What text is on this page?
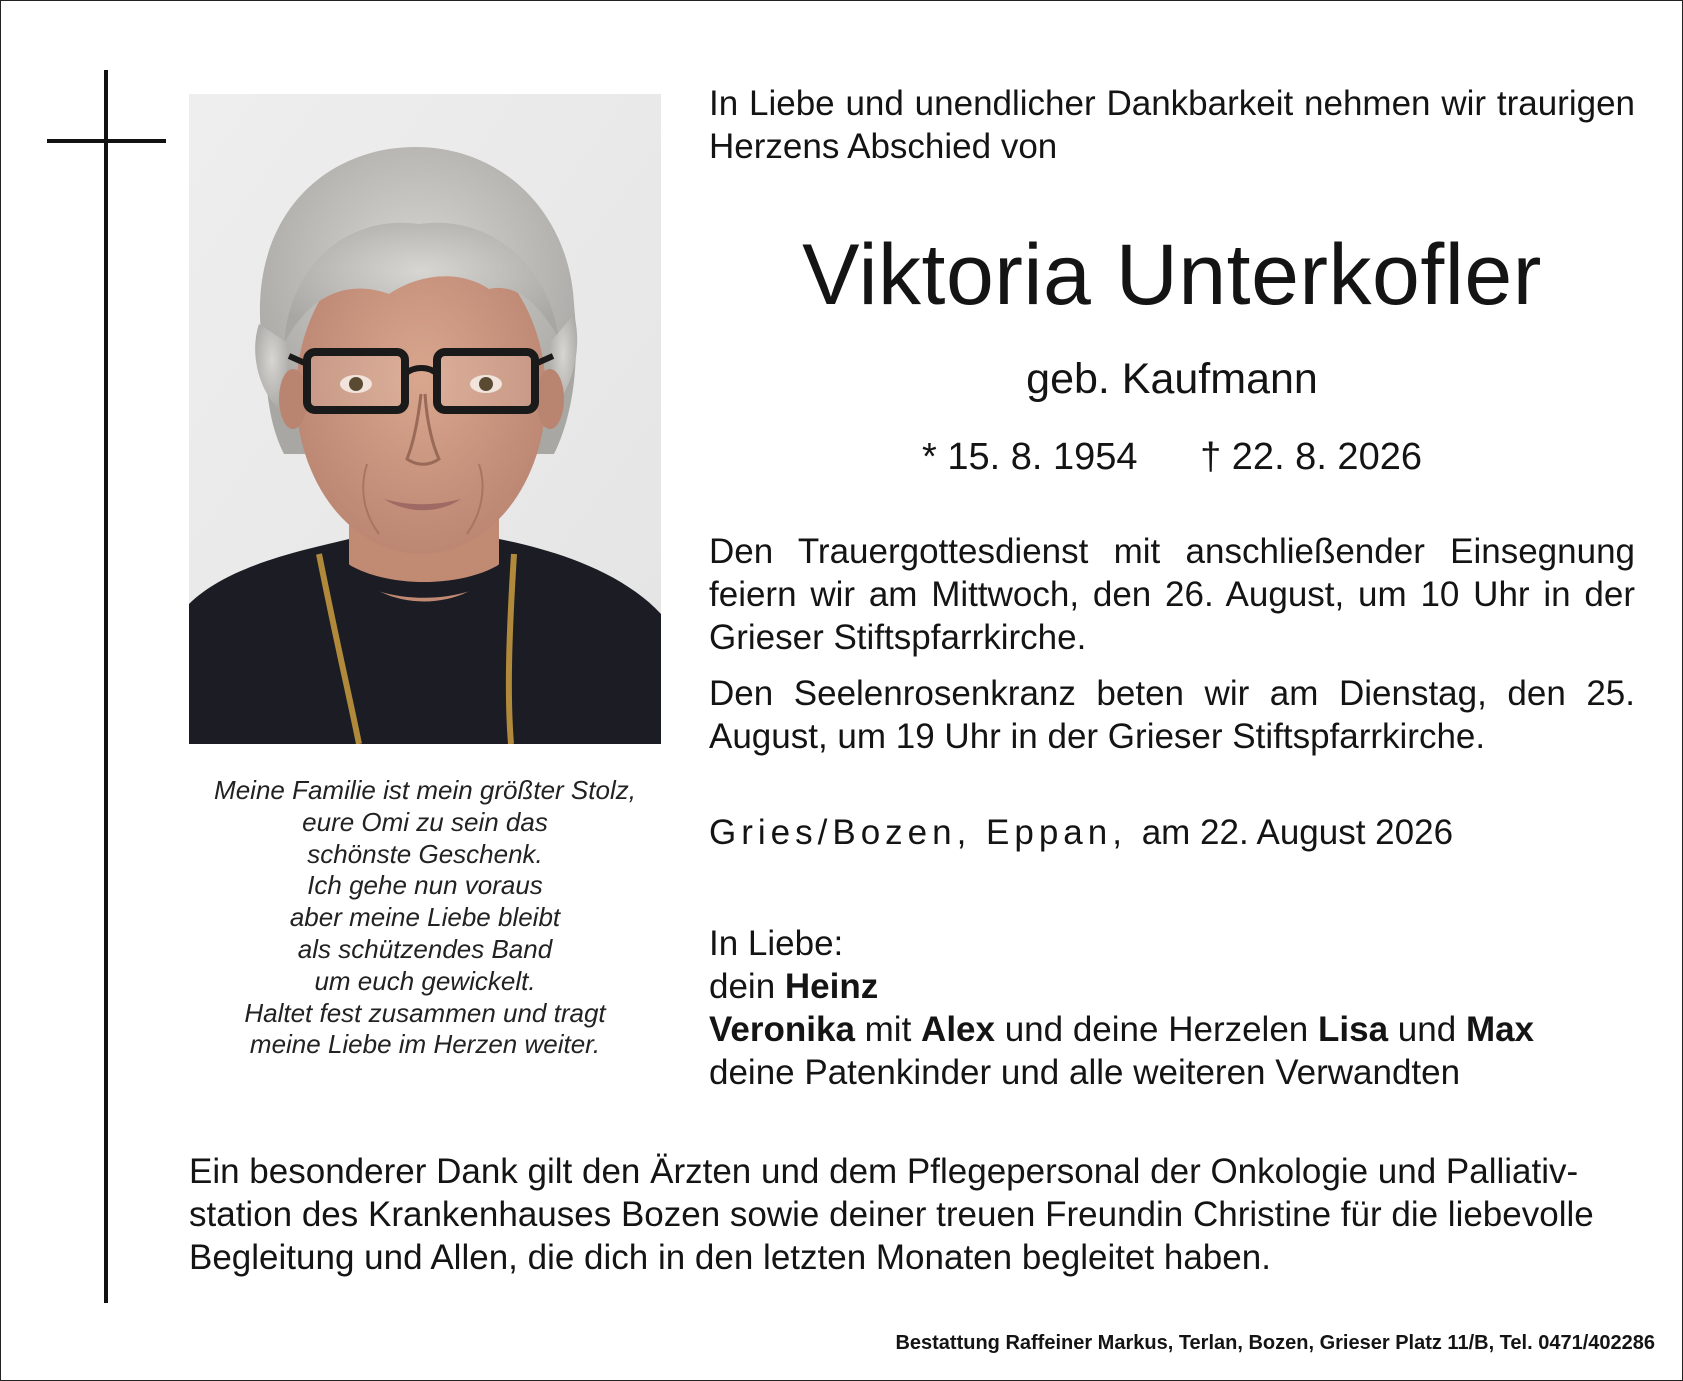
Meine Familie ist mein größter Stolz,
eure Omi zu sein das
schönste Geschenk.
Ich gehe nun voraus
aber meine Liebe bleibt
als schützendes Band
um euch gewickelt.
Haltet fest zusammen und tragt
meine Liebe im Herzen weiter.
In Liebe und unendlicher Dankbarkeit nehmen wir traurigen Herzens Abschied von
Viktoria Unterkofler
geb. Kaufmann
* 15. 8. 1954 † 22. 8. 2026
Den Trauergottesdienst mit anschließender Einsegnung feiern wir am Mittwoch, den 26. August, um 10 Uhr in der Grieser Stiftspfarrkirche.
Den Seelenrosenkranz beten wir am Dienstag, den 25. August, um 19 Uhr in der Grieser Stiftspfarrkirche.
Gries/Bozen, Eppan, am 22. August 2026
In Liebe:
dein Heinz
Veronika mit Alex und deine Herzelen Lisa und Max
deine Patenkinder und alle weiteren Verwandten
Ein besonderer Dank gilt den Ärzten und dem Pflegepersonal der Onkologie und Palliativ-
station des Krankenhauses Bozen sowie deiner treuen Freundin Christine für die liebevolle
Begleitung und Allen, die dich in den letzten Monaten begleitet haben.
Bestattung Raffeiner Markus, Terlan, Bozen, Grieser Platz 11/B, Tel. 0471/402286
